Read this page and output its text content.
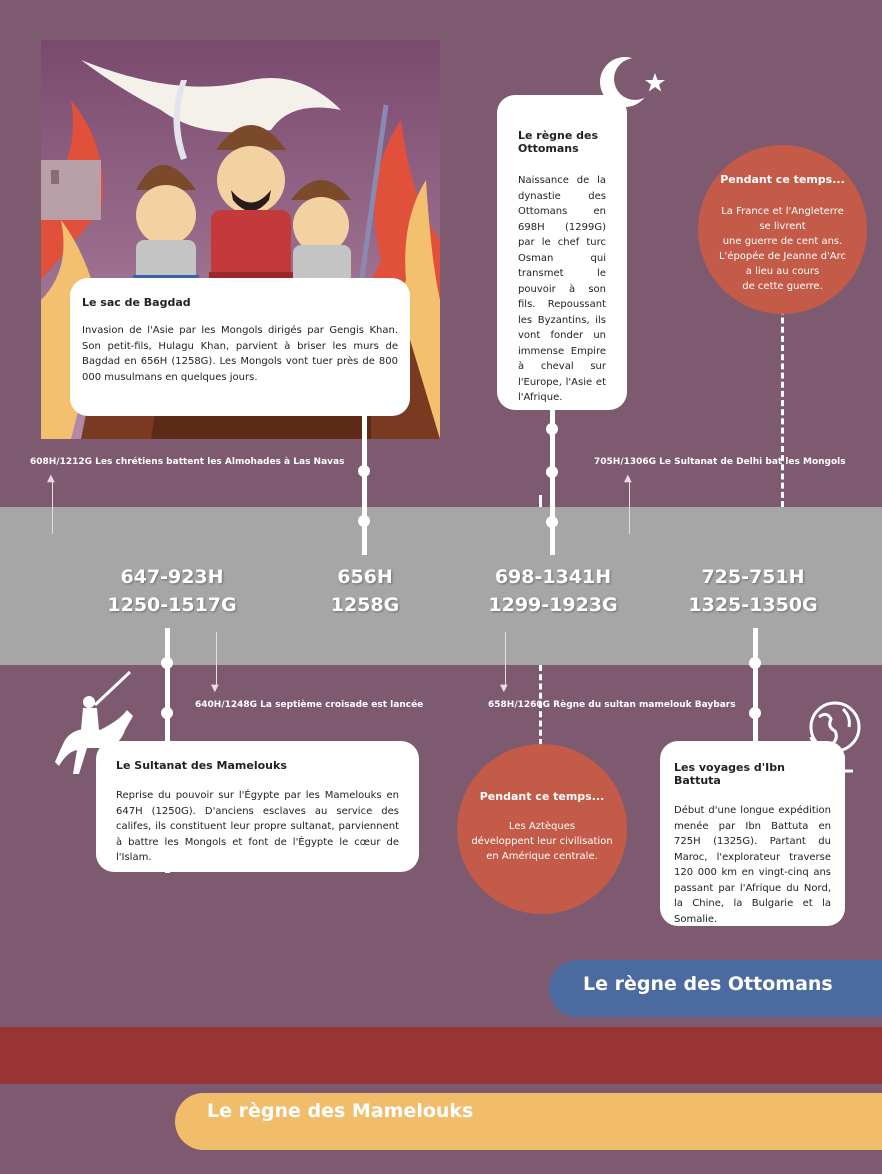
▲	▲
▼	▼
608H/1212G Les chrétiens battent les Almohades à Las Navas	705H/1306G Le Sultanat de Delhi bat les Mongols
640H/1248G La septième croisade est lancée	658H/1260G Règne du sultan mamelouk Baybars
647-923H
1250-1517G
656H
1258G
698-1341H
1299-1923G
725-751H
1325-1350G
Le sac de Bagdad

Invasion de l'Asie par les Mongols dirigés par Gengis Khan. Son petit-fils, Hulagu Khan, parvient à briser les murs de Bagdad en 656H (1258G). Les Mongols vont tuer près de 800 000 musulmans en quelques jours.

Le règne des Ottomans

Naissance de la dynastie des Ottomans en 698H (1299G) par le chef turc Osman qui transmet le pouvoir à son fils. Repoussant les Byzantins, ils vont fonder un immense Empire à cheval sur l'Europe, l'Asie et l'Afrique.

Pendant ce temps...

La France et l'Angleterre

se livrent

une guerre de cent ans.

L'épopée de Jeanne d'Arc

a lieu au cours

de cette guerre.

Le Sultanat des Mamelouks

Reprise du pouvoir sur l'Égypte par les Mamelouks en 647H (1250G). D'anciens esclaves au service des califes, ils constituent leur propre sultanat, parviennent à battre les Mongols et font de l'Égypte le cœur de l'Islam.

Pendant ce temps...

Les Aztèques

développent leur civilisation

en Amérique centrale.

Les voyages d'Ibn Battuta

Début d'une longue expédition menée par Ibn Battuta en 725H (1325G). Partant du Maroc, l'explorateur traverse 120 000 km en vingt-cinq ans passant par l'Afrique du Nord, la Chine, la Bulgarie et la Somalie.

Le règne des Ottomans
Le règne des Mamelouks
